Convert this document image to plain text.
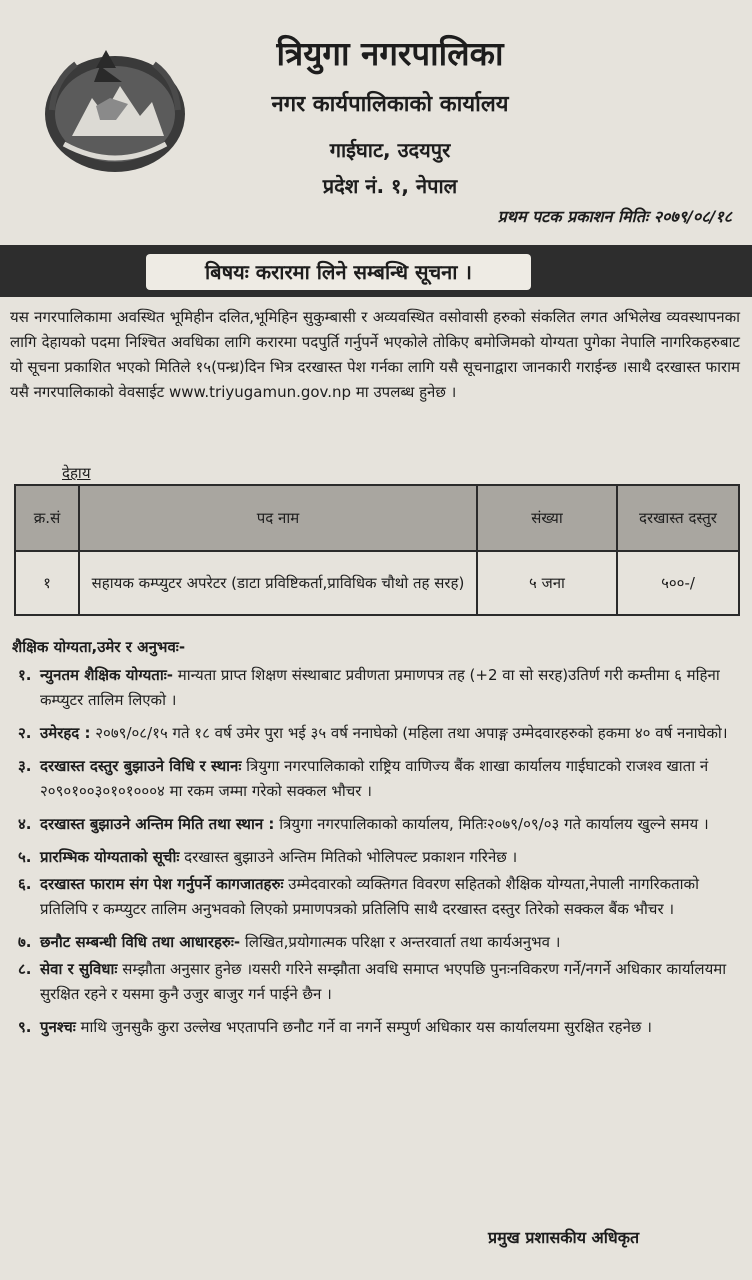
त्रियुगा नगरपालिका
नगर कार्यपालिकाको कार्यालय
गाईघाट, उदयपुर
प्रदेश नं. १, नेपाल
प्रथम पटक प्रकाशन मितिः २०७९/०८/१८
बिषयः करारमा लिने सम्बन्धि सूचना ।

यस नगरपालिकामा अवस्थित भूमिहीन दलित,भूमिहिन सुकुम्बासी र अव्यवस्थित वसोवासी हरुको संकलित लगत अभिलेख व्यवस्थापनका लागि देहायको पदमा निश्चित अवधिका लागि करारमा पदपुर्ति गर्नुपर्ने भएकोले तोकिए बमोजिमको योग्यता पुगेका नेपालि नागरिकहरुबाट यो सूचना प्रकाशित भएको मितिले १५(पन्ध्र)दिन भित्र दरखास्त पेश गर्नका लागि यसै सूचनाद्वारा जानकारी गराईन्छ ।साथै दरखास्त फाराम यसै नगरपालिकाको वेवसाईट www.triyugamun.gov.np मा उपलब्ध हुनेछ ।

देहाय
क्र.सं	पद नाम	संख्या	दरखास्त दस्तुर
१	सहायक कम्प्युटर अपरेटर (डाटा प्रविष्टिकर्ता,प्राविधिक चौथो तह सरह)	५ जना	५००-/
शैक्षिक योग्यता,उमेर र अनुभवः-
१. न्युनतम शैक्षिक योग्यताः- मान्यता प्राप्त शिक्षण संस्थाबाट प्रवीणता प्रमाणपत्र तह (+2 वा सो सरह)उतिर्ण गरी कम्तीमा ६ महिना कम्प्युटर तालिम लिएको ।
२. उमेरहद : २०७९/०८/१५ गते १८ वर्ष उमेर पुरा भई ३५ वर्ष ननाघेको (महिला तथा अपाङ्ग उम्मेदवारहरुको हकमा ४० वर्ष ननाघेको।
३. दरखास्त दस्तुर बुझाउने विधि र स्थानः त्रियुगा नगरपालिकाको राष्ट्रिय वाणिज्य बैंक शाखा कार्यालय गाईघाटको राजश्व खाता नं २०९०१००३०१०१०००४ मा रकम जम्मा गरेको सक्कल भौचर ।
४. दरखास्त बुझाउने अन्तिम मिति तथा स्थान : त्रियुगा नगरपालिकाको कार्यालय, मितिः२०७९/०९/०३ गते कार्यालय खुल्ने समय ।
५. प्रारम्भिक योग्यताको सूचीः दरखास्त बुझाउने अन्तिम मितिको भोलिपल्ट प्रकाशन गरिनेछ ।
६. दरखास्त फाराम संग पेश गर्नुपर्ने कागजातहरुः उम्मेदवारको व्यक्तिगत विवरण सहितको शैक्षिक योग्यता,नेपाली नागरिकताको प्रतिलिपि र कम्प्युटर तालिम अनुभवको लिएको प्रमाणपत्रको प्रतिलिपि साथै दरखास्त दस्तुर तिरेको सक्कल बैंक भौचर ।
७. छनौट सम्बन्धी विधि तथा आधारहरुः- लिखित,प्रयोगात्मक परिक्षा र अन्तरवार्ता तथा कार्यअनुभव ।
८. सेवा र सुविधाः सम्झौता अनुसार हुनेछ ।यसरी गरिने सम्झौता अवधि समाप्त भएपछि पुनःनविकरण गर्ने/नगर्ने अधिकार कार्यालयमा सुरक्षित रहने र यसमा कुनै उजुर बाजुर गर्न पाईने छैन ।
९. पुनश्चः माथि जुनसुकै कुरा उल्लेख भएतापनि छनौट गर्ने वा नगर्ने सम्पुर्ण अधिकार यस कार्यालयमा सुरक्षित रहनेछ ।
प्रमुख प्रशासकीय अधिकृत
